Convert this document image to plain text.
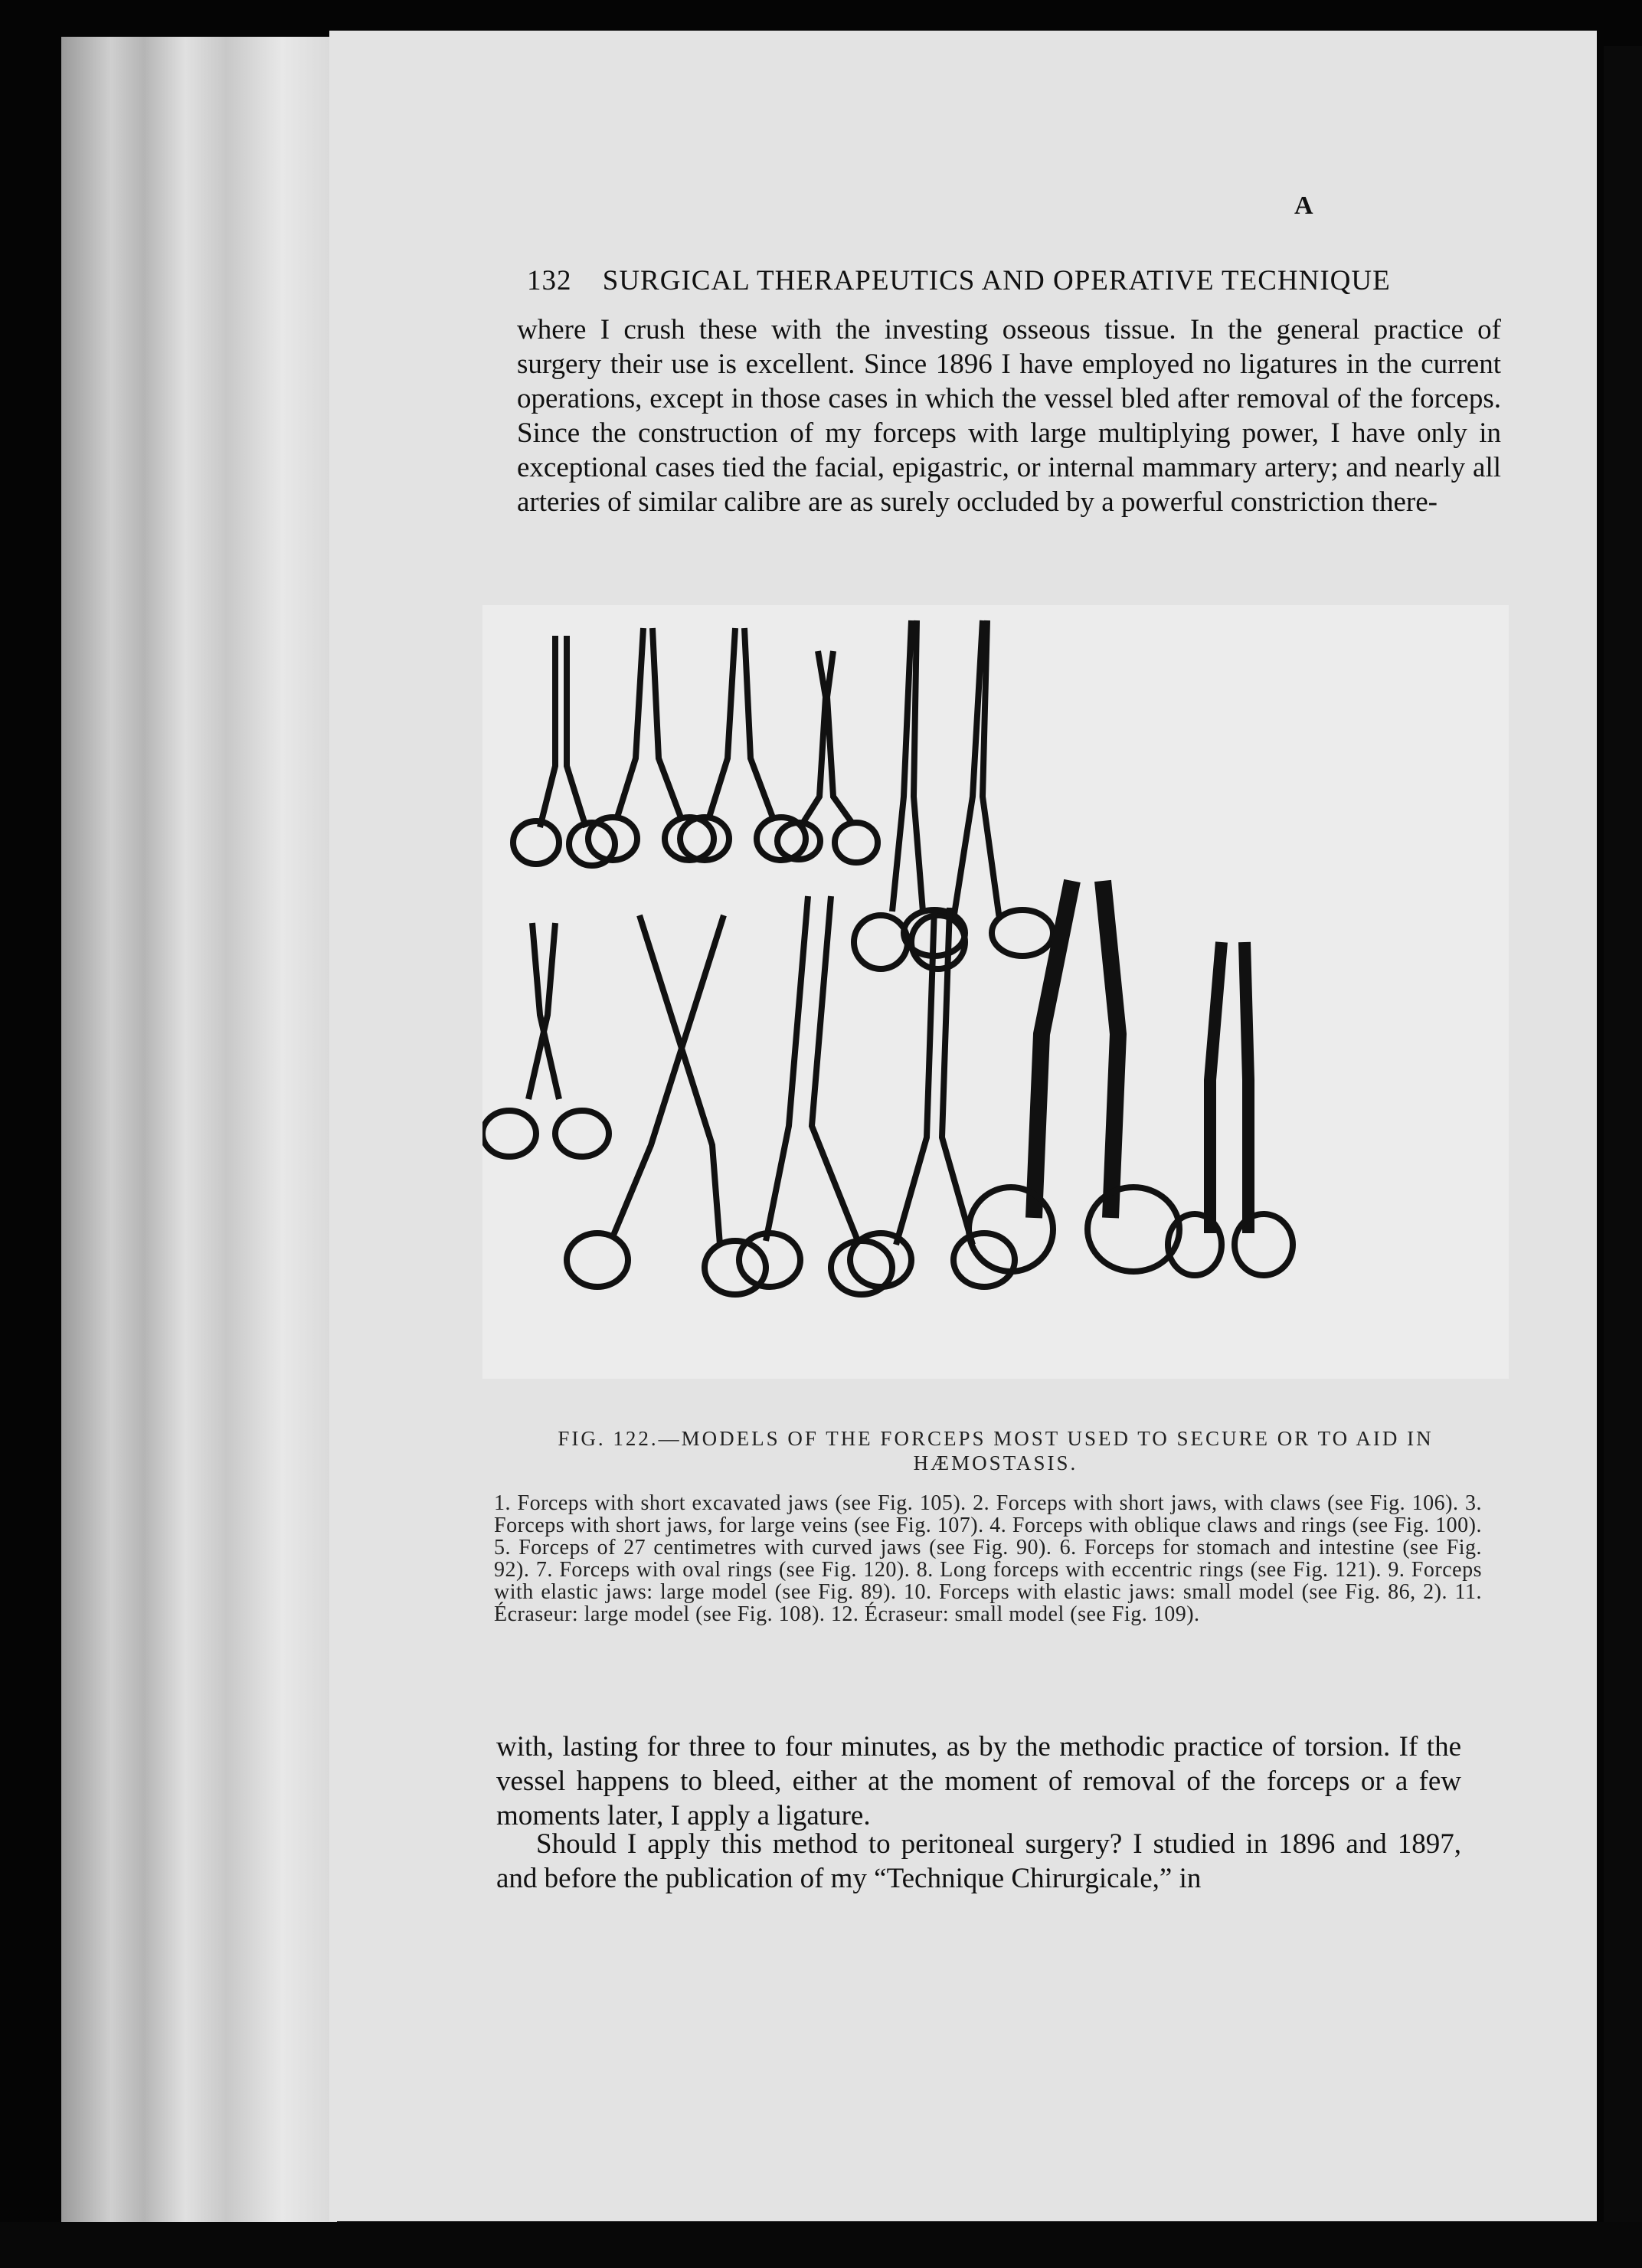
A
132 SURGICAL THERAPEUTICS AND OPERATIVE TECHNIQUE
where I crush these with the investing osseous tissue. In the general practice of surgery their use is excellent. Since 1896 I have employed no ligatures in the current operations, except in those cases in which the vessel bled after removal of the forceps. Since the construction of my forceps with large multiplying power, I have only in exceptional cases tied the facial, epigastric, or internal mammary artery; and nearly all arteries of similar calibre are as surely occluded by a powerful constriction there-
FIG. 122.—MODELS OF THE FORCEPS MOST USED TO SECURE OR TO AID IN HÆMOSTASIS.
1. Forceps with short excavated jaws (see Fig. 105). 2. Forceps with short jaws, with claws (see Fig. 106). 3. Forceps with short jaws, for large veins (see Fig. 107). 4. Forceps with oblique claws and rings (see Fig. 100). 5. Forceps of 27 centimetres with curved jaws (see Fig. 90). 6. Forceps for stomach and intestine (see Fig. 92). 7. Forceps with oval rings (see Fig. 120). 8. Long forceps with eccentric rings (see Fig. 121). 9. Forceps with elastic jaws: large model (see Fig. 89). 10. Forceps with elastic jaws: small model (see Fig. 86, 2). 11. Écraseur: large model (see Fig. 108). 12. Écraseur: small model (see Fig. 109).
with, lasting for three to four minutes, as by the methodic practice of torsion. If the vessel happens to bleed, either at the moment of removal of the forceps or a few moments later, I apply a ligature.
Should I apply this method to peritoneal surgery? I studied in 1896 and 1897, and before the publication of my “Technique Chirurgicale,” in
